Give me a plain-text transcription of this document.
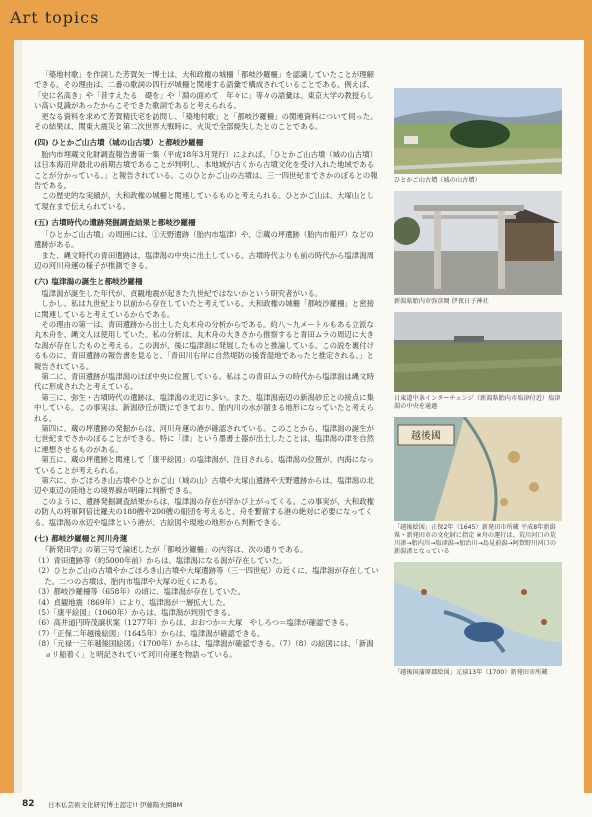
Art topics

「築地村歌」を作詞した芳賀矢一博士は、大和政権の城柵「都岐沙羅柵」を認識していたことが理解できる。その理由は、二番の歌詞の四行が城柵と関連する語彙で構成されていることである。例えば、「史に名高き」や「昔すえたる　礎を」や「淵の面めて　年々に」等々の語彙は、東京大学の教授らしい高い見識があったからこそできた歌詞であると考えられる。

更なる資料を求めて芳賀精氏宅を訪問し、「築地村歌」と「都岐沙羅柵」の関連資料について伺った。その結果は、関東大震災と第二次世界大戦時に、火災で全部焼失したとのことである。

(四) ひとかご山古墳（城の山古墳）と都岐沙羅柵

胎内市埋蔵文化財調査報告書第一集（平成18年3月発行）によれば、「ひとかご山古墳（城の山古墳）は日本海沿岸最北の前期古墳であることが判明し、本地域が古くから古墳文化を受け入れた地域であることが分かっている。」と報告されている。このひとかご山の古墳は、三一四世紀までさかのぼるとの報告である。

この歴史的な実績が、大和政権の城柵と関連しているものと考えられる。ひとかご山は、大塚山として現在まで伝えられている。

(五) 古墳時代の遺跡発掘調査結果と都岐沙羅柵

「ひとかご山古墳」の周囲には、①天野遺跡（胎内市塩津）や、②蔵の坪遺跡（胎内市船戸）などの遺跡がある。

また、縄文時代の青田遺跡は、塩津潟の中央に出土している。古墳時代よりも前の時代から塩津潟周辺の河川舟運の様子が推測できる。

(六) 塩津潟の誕生と都岐沙羅柵

塩津潟が誕生した年代が、貞観地震が起きた九世紀ではないかという研究者がいる。

しかし、私は九世紀より以前から存在していたと考えている。大和政権の城柵「都岐沙羅柵」と密接に関連していると考えているからである。

その理由の第一は、青田遺跡から出土した丸木舟の分析からである。約八～九メートルもある立派な丸木舟を、縄文人は使用していた。私の分析は、丸木舟の大きさから推察すると青田ムラの周辺に大きな潟が存在したものと考える。この潟が、後に塩津潟に発展したものと推論している。この説を裏付けるものに、青田遺跡の報告書を見ると、「青田川右岸に自然堤防の後背湿地であったと推定される。」と報告されている。

第二に、青田遺跡が塩津潟のほぼ中央に位置している。私はこの青田ムラの時代から塩津潟は縄文時代に形成されたと考えている。

第三に、弥生・古墳時代の遺跡は、塩津潟の北辺に多い。また、塩津潟南辺の新潟砂丘との接点に集中している。この事実は、新潟砂丘が既にできており、胎内川の水が溜まる地形になっていたと考えられる。

第四に、蔵の坪遺跡の発掘からは、河川舟運の港が確認されている。このことから、塩津潟の誕生が七世紀までさかのぼることができる。特に「津」という墨書土器が出土したことは、塩津潟の津を自然に連想させるものがある。

第五に、蔵の坪遺跡と関連して「康平絵図」の塩津潟が、注目される。塩津潟の位置が、内海になっていることが考えられる。

第六に、かごほろき山古墳やひとかご山（城の山）古墳や大塚山遺跡や天野遺跡からは、塩津潟の北辺や東辺の陸地との境界線が明確に判断できる。

このように、遺跡発掘調査結果からは、塩津潟の存在が浮かび上がってくる。この事実が、大和政権の防人の将軍阿倍比羅夫の180艘や200艘の船団を考えると、舟を繋留する港の絶対に必要になってくる。塩津潟の水辺や塩津という港が、古絵図や現地の地形から判断できる。

(七) 都岐沙羅柵と河川舟運

『新発田学』の第三号で論述したが「都岐沙羅柵」の内容は、次の通りである。

（1）青田遺跡等（約5000年前）からは、塩津潟になる潟が存在していた。
（2）ひとかご山の古墳やかごほろき山古墳や大塚遺跡等（三一四世紀）の近くに、塩津潟が存在していた。二つの古墳は、胎内市塩津や大塚の近くにある。
（3）都岐沙羅柵等（658年）の頃に、塩津潟が存在していた。
（4）貞観地震（869年）により、塩津潟が一層拡大した。
（5）「康平絵図」（1060年）からは、塩津潟が判別できる。
（6）高井道円時茂譲状案（1277年）からは、おおつか＝大塚　やしろつ＝塩津が確認できる。
（7）「正保二年越後絵図」（1645年）からは、塩津潟が確認できる。
（8）「元禄一三年越後国絵図」（1700年）からは、塩津潟が確認できる。（7）（8）の絵図には、「新潟ョリ船着く」と明記されていて河川舟運を物語っている。
ひとかご山古墳（城の山古墳）
新潟県胎内市弥彦岡 伊夜日子神社
日東道中条インターチェンジ（新潟県胎内市塩津付近）塩津潟の中央を通過
越後國
「越後絵図」正保2年（1645）新発田市所蔵 平成8年新潟県・新発田市の文化財に指定 ※舟の運行は、荒川河口の荒川湊→胎内川→塩津潟→加治川→島見前潟→阿賀野川河口の新潟湊となっている
「越後国蒲原郡絵図」元禄13年（1700）新発田市所蔵
82 日本仏芸術文化研究博士認定!! 伊藤陽夫園BM
